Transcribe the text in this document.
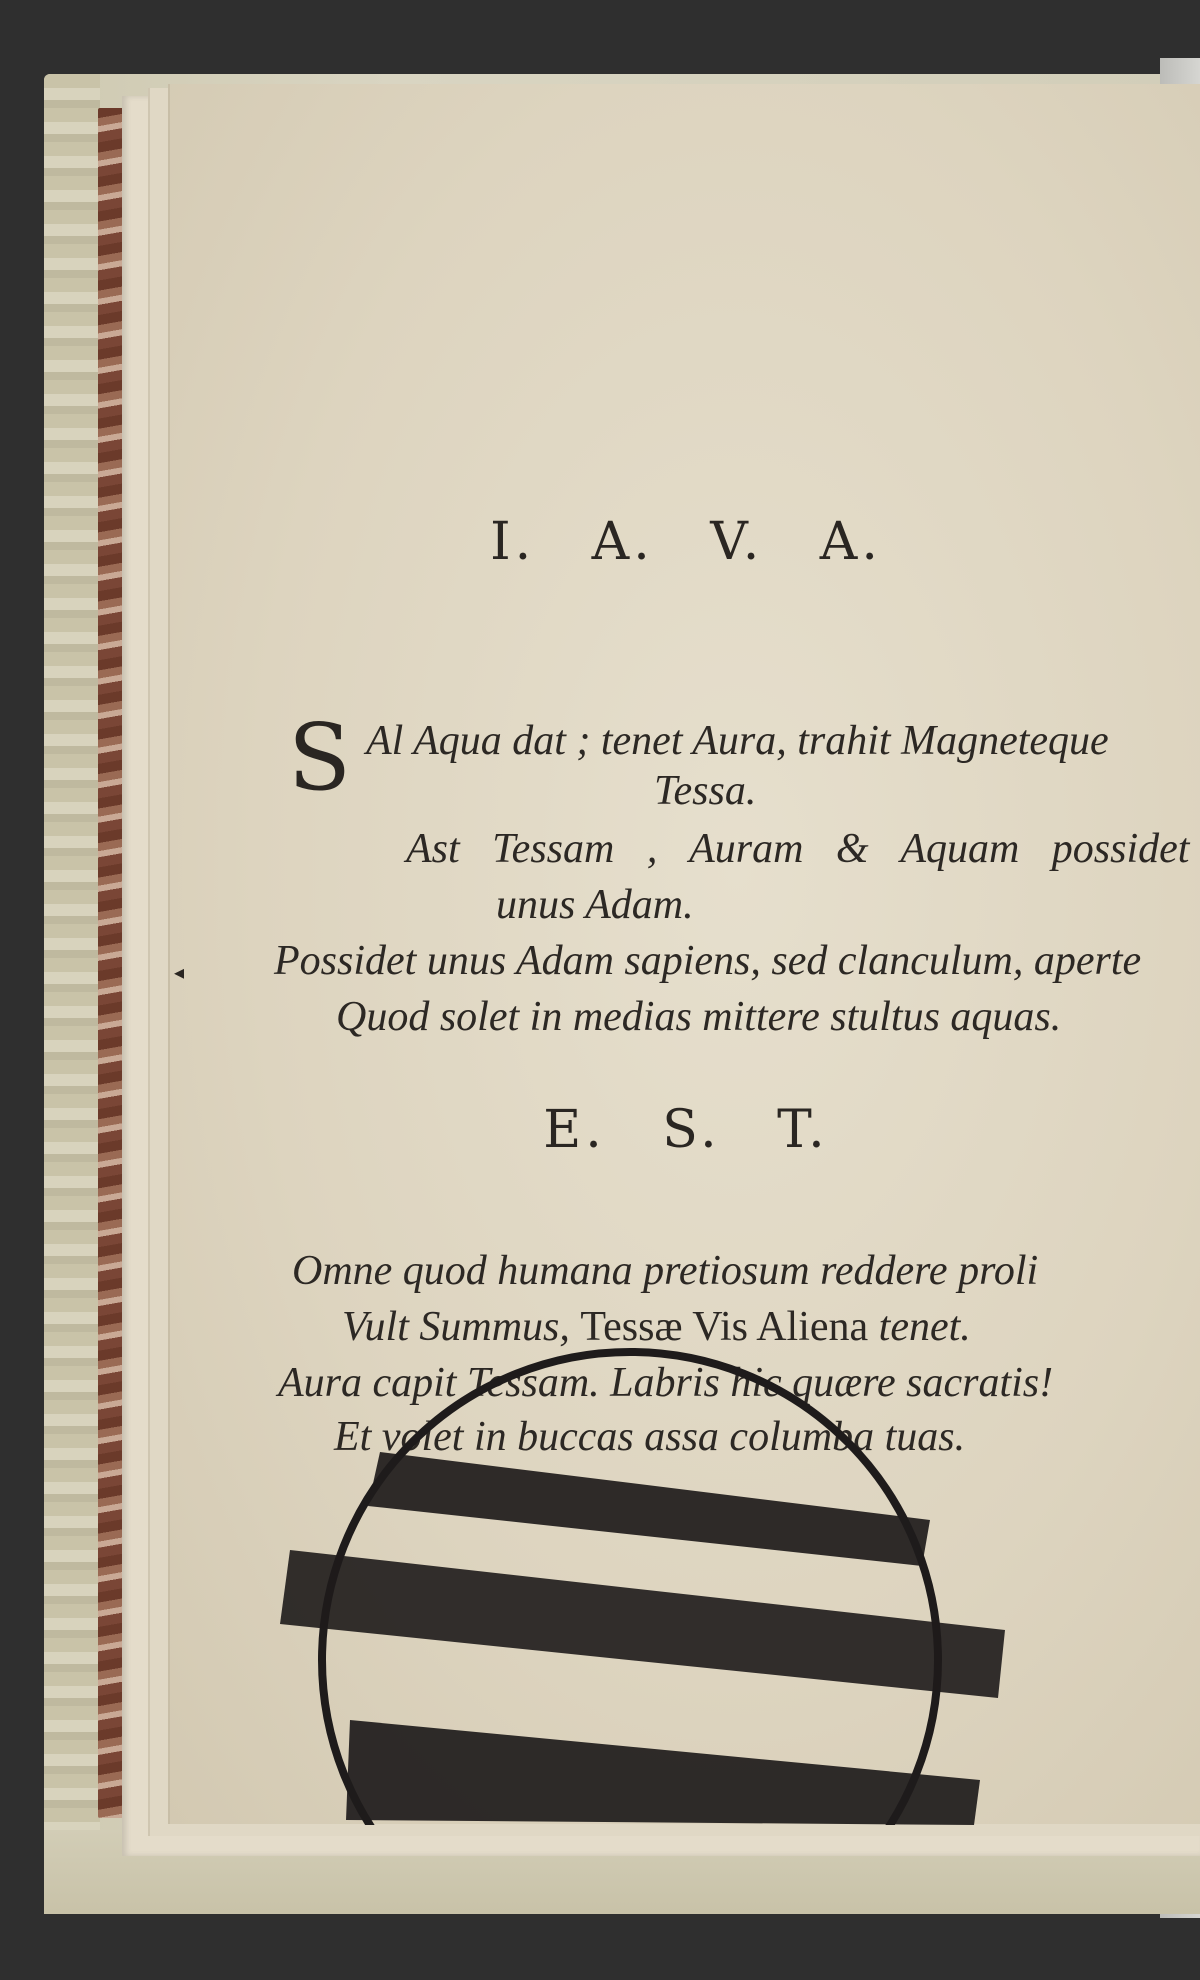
I. A. V. A.
S Al Aqua dat ; tenet Aura, trahit Magneteque
Tessa.
Ast Tessam , Auram & Aquam possidet
unus Adam.
Possidet unus Adam sapiens, sed clanculum, aperte
Quod solet in medias mittere stultus aquas.
◂
E. S. T.
Omne quod humana pretiosum reddere proli
Vult Summus, Tessæ Vis Aliena tenet.
Aura capit Tessam. Labris hic quære sacratis!
Et volet in buccas assa columba tuas.
